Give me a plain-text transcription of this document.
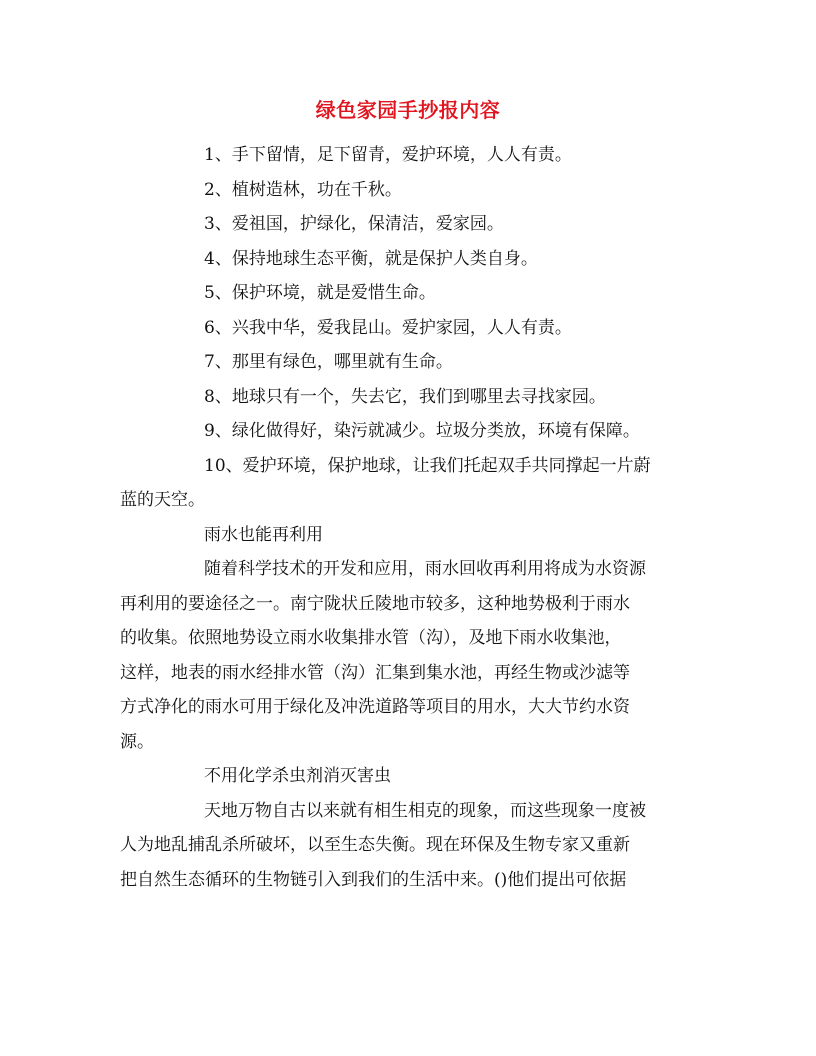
绿色家园手抄报内容
1、手下留情，足下留青，爱护环境，人人有责。
2、植树造林，功在千秋。
3、爱祖国，护绿化，保清洁，爱家园。
4、保持地球生态平衡，就是保护人类自身。
5、保护环境，就是爱惜生命。
6、兴我中华，爱我昆山。爱护家园，人人有责。
7、那里有绿色，哪里就有生命。
8、地球只有一个，失去它，我们到哪里去寻找家园。
9、绿化做得好，染污就减少。垃圾分类放，环境有保障。
10、爱护环境，保护地球，让我们托起双手共同撑起一片蔚
蓝的天空。
雨水也能再利用
随着科学技术的开发和应用，雨水回收再利用将成为水资源
再利用的要途径之一。南宁陇状丘陵地市较多，这种地势极利于雨水
的收集。依照地势设立雨水收集排水管（沟），及地下雨水收集池，
这样，地表的雨水经排水管（沟）汇集到集水池，再经生物或沙滤等
方式净化的雨水可用于绿化及冲洗道路等项目的用水，大大节约水资
源。
不用化学杀虫剂消灭害虫
天地万物自古以来就有相生相克的现象，而这些现象一度被
人为地乱捕乱杀所破坏，以至生态失衡。现在环保及生物专家又重新
把自然生态循环的生物链引入到我们的生活中来。()他们提出可依据
